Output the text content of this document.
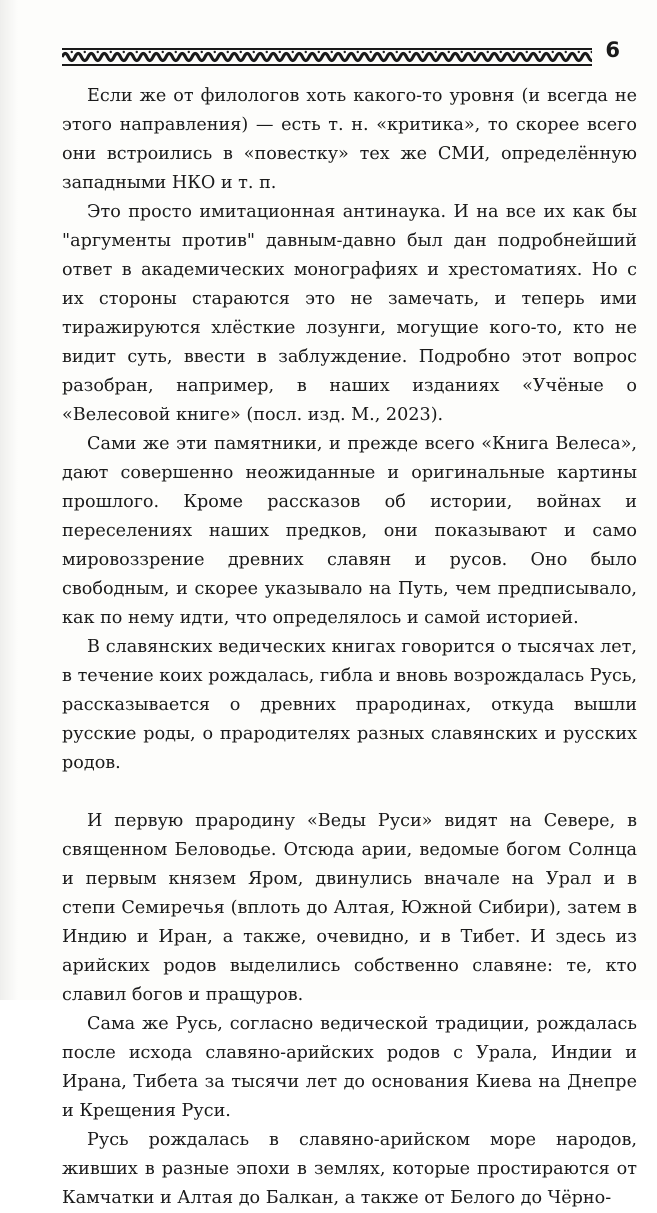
6

Если же от филологов хоть какого-то уровня (и всегда не этого направления) — есть т. н. «критика», то скорее всего они встроились в «повестку» тех же СМИ, определённую западными НКО и т. п.

Это просто имитационная антинаука. И на все их как бы "аргументы против" давным-давно был дан подробнейший ответ в академических монографиях и хрестоматиях. Но с их стороны стараются это не замечать, и теперь ими тиражируются хлёсткие лозунги, могущие кого-то, кто не видит суть, ввести в заблуждение. Подробно этот вопрос разобран, например, в наших изданиях «Учёные о «Велесовой книге» (посл. изд. М., 2023).

Сами же эти памятники, и прежде всего «Книга Велеса», дают совершенно неожиданные и оригинальные картины прошлого. Кроме рассказов об истории, войнах и переселениях наших предков, они показывают и само мировоззрение древних славян и русов. Оно было свободным, и скорее указывало на Путь, чем предписывало, как по нему идти, что определялось и самой историей.

В славянских ведических книгах говорится о тысячах лет, в течение коих рождалась, гибла и вновь возрождалась Русь, рассказывается о древних прародинах, откуда вышли русские роды, о прародителях разных славянских и русских родов.

И первую прародину «Веды Руси» видят на Севере, в священном Беловодье. Отсюда арии, ведомые богом Солнца и первым князем Яром, двинулись вначале на Урал и в степи Семиречья (вплоть до Алтая, Южной Сибири), затем в Индию и Иран, а также, очевидно, и в Тибет. И здесь из арийских родов выделились собственно славяне: те, кто славил богов и пращуров.

Сама же Русь, согласно ведической традиции, рождалась после исхода славяно-арийских родов с Урала, Индии и Ирана, Тибета за тысячи лет до основания Киева на Днепре и Крещения Руси.

Русь рождалась в славяно-арийском море народов, живших в разные эпохи в землях, которые простираются от Камчатки и Алтая до Балкан, а также от Белого до Чёрно-
